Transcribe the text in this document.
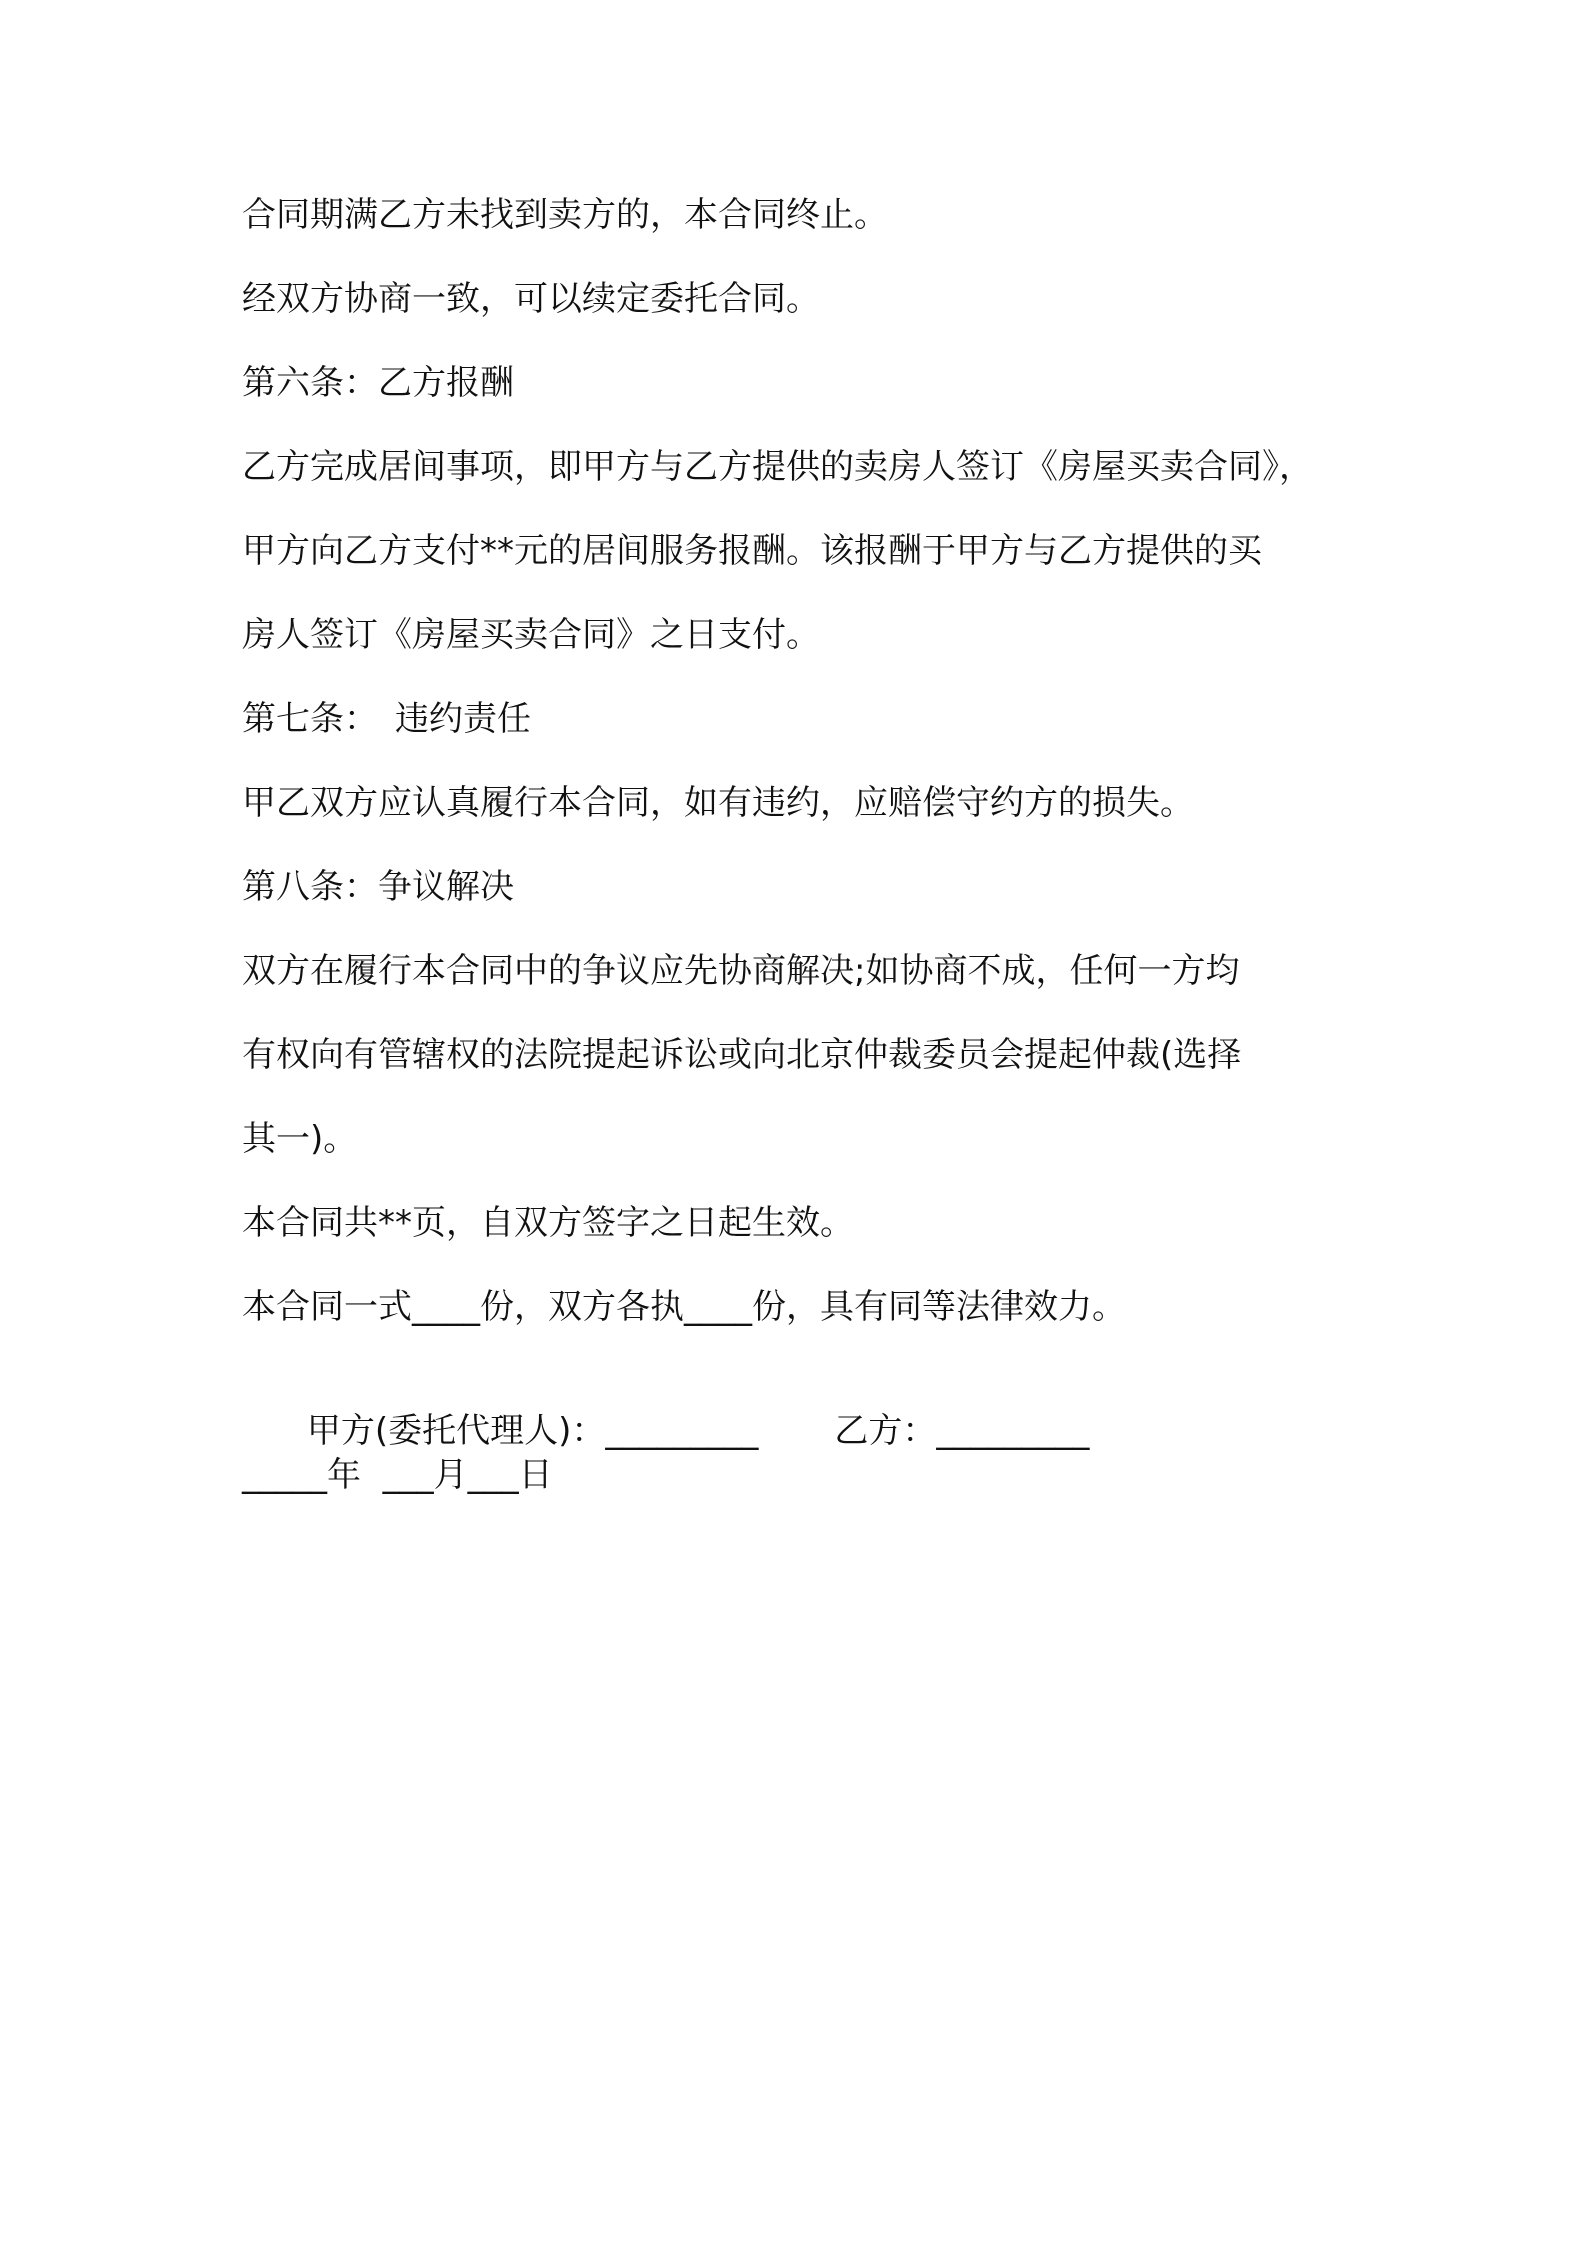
合同期满乙方未找到卖方的，本合同终止。

经双方协商一致，可以续定委托合同。

第六条：乙方报酬

乙方完成居间事项，即甲方与乙方提供的卖房人签订《房屋买卖合同》，

甲方向乙方支付**元的居间服务报酬。该报酬于甲方与乙方提供的买

房人签订《房屋买卖合同》之日支付。

第七条：　违约责任

甲乙双方应认真履行本合同，如有违约，应赔偿守约方的损失。

第八条：争议解决

双方在履行本合同中的争议应先协商解决;如协商不成，任何一方均

有权向有管辖权的法院提起诉讼或向北京仲裁委员会提起仲裁(选择

其一)。

本合同共**页，自双方签字之日起生效。

本合同一式____份，双方各执____份，具有同等法律效力。

甲方(委托代理人)：_________ 乙方：_________

_____年  ___月___日
